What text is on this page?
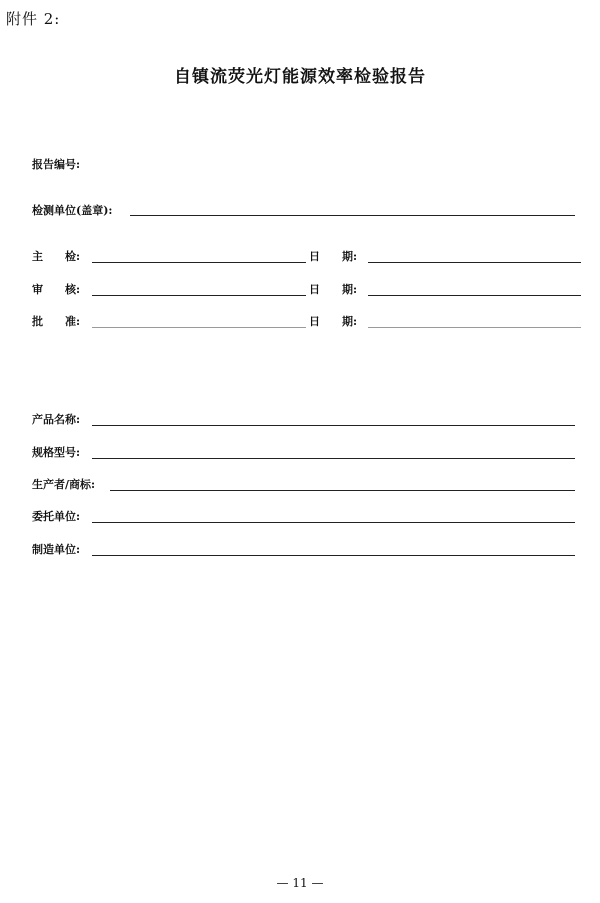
附件 2:
自镇流荧光灯能源效率检验报告
报告编号:
检测单位(盖章):
主　　检:	日　　期:
审　　核:	日　　期:
批　　准:	日　　期:
产品名称:
规格型号:
生产者/商标:
委托单位:
制造单位:
— 11 —
